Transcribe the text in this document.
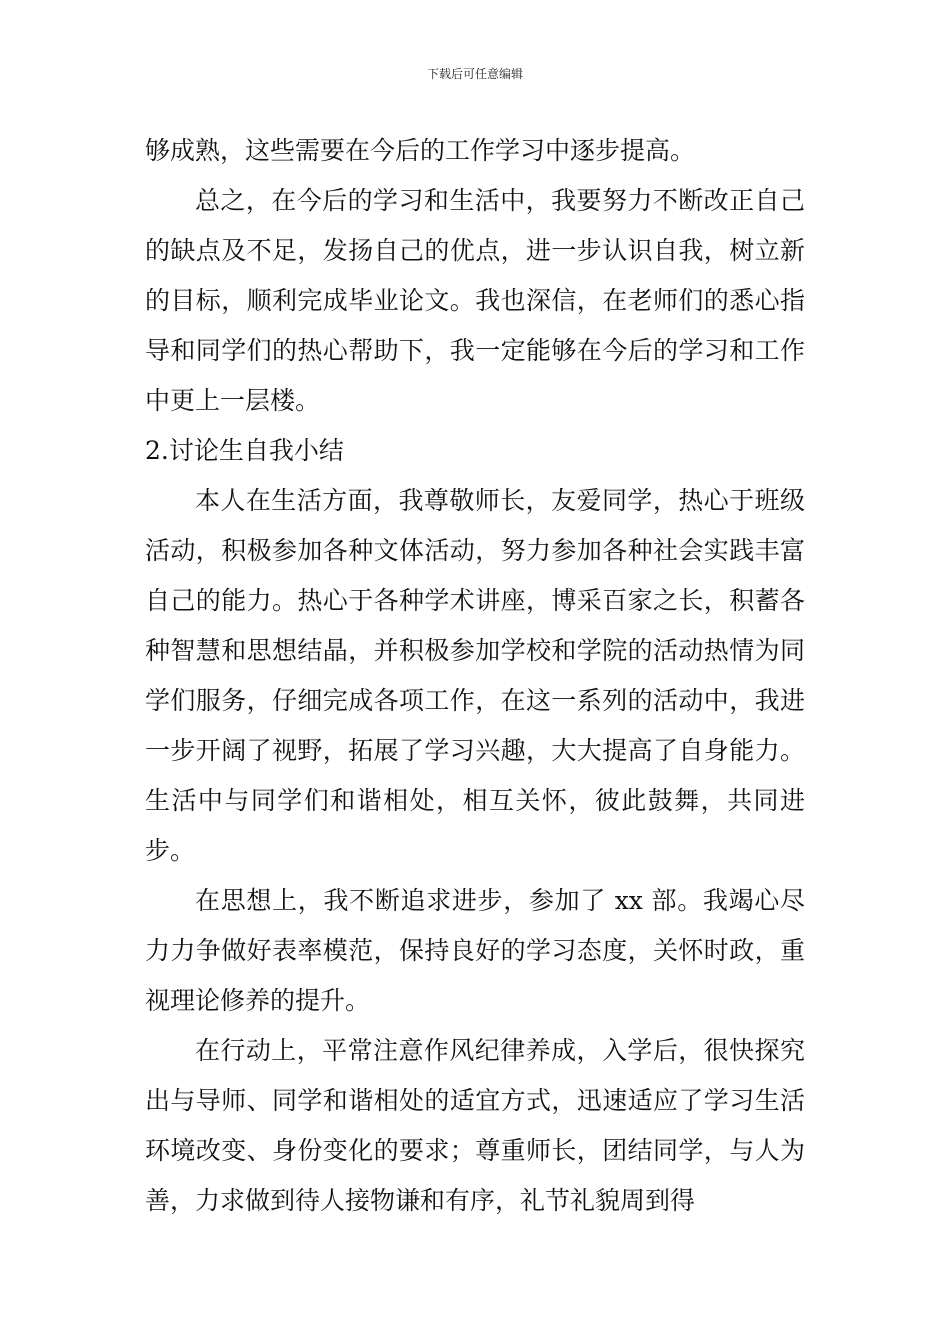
下载后可任意编辑

够成熟，这些需要在今后的工作学习中逐步提高。

总之，在今后的学习和生活中，我要努力不断改正自己的缺点及不足，发扬自己的优点，进一步认识自我，树立新的目标，顺利完成毕业论文。我也深信，在老师们的悉心指导和同学们的热心帮助下，我一定能够在今后的学习和工作中更上一层楼。

2.讨论生自我小结

本人在生活方面，我尊敬师长，友爱同学，热心于班级活动，积极参加各种文体活动，努力参加各种社会实践丰富自己的能力。热心于各种学术讲座，博采百家之长，积蓄各种智慧和思想结晶，并积极参加学校和学院的活动热情为同学们服务，仔细完成各项工作，在这一系列的活动中，我进一步开阔了视野，拓展了学习兴趣，大大提高了自身能力。生活中与同学们和谐相处，相互关怀，彼此鼓舞，共同进步。

在思想上，我不断追求进步，参加了 xx 部。我竭心尽力力争做好表率模范，保持良好的学习态度，关怀时政，重视理论修养的提升。

在行动上，平常注意作风纪律养成，入学后，很快探究出与导师、同学和谐相处的适宜方式，迅速适应了学习生活环境改变、身份变化的要求；尊重师长，团结同学，与人为善，力求做到待人接物谦和有序，礼节礼貌周到得
